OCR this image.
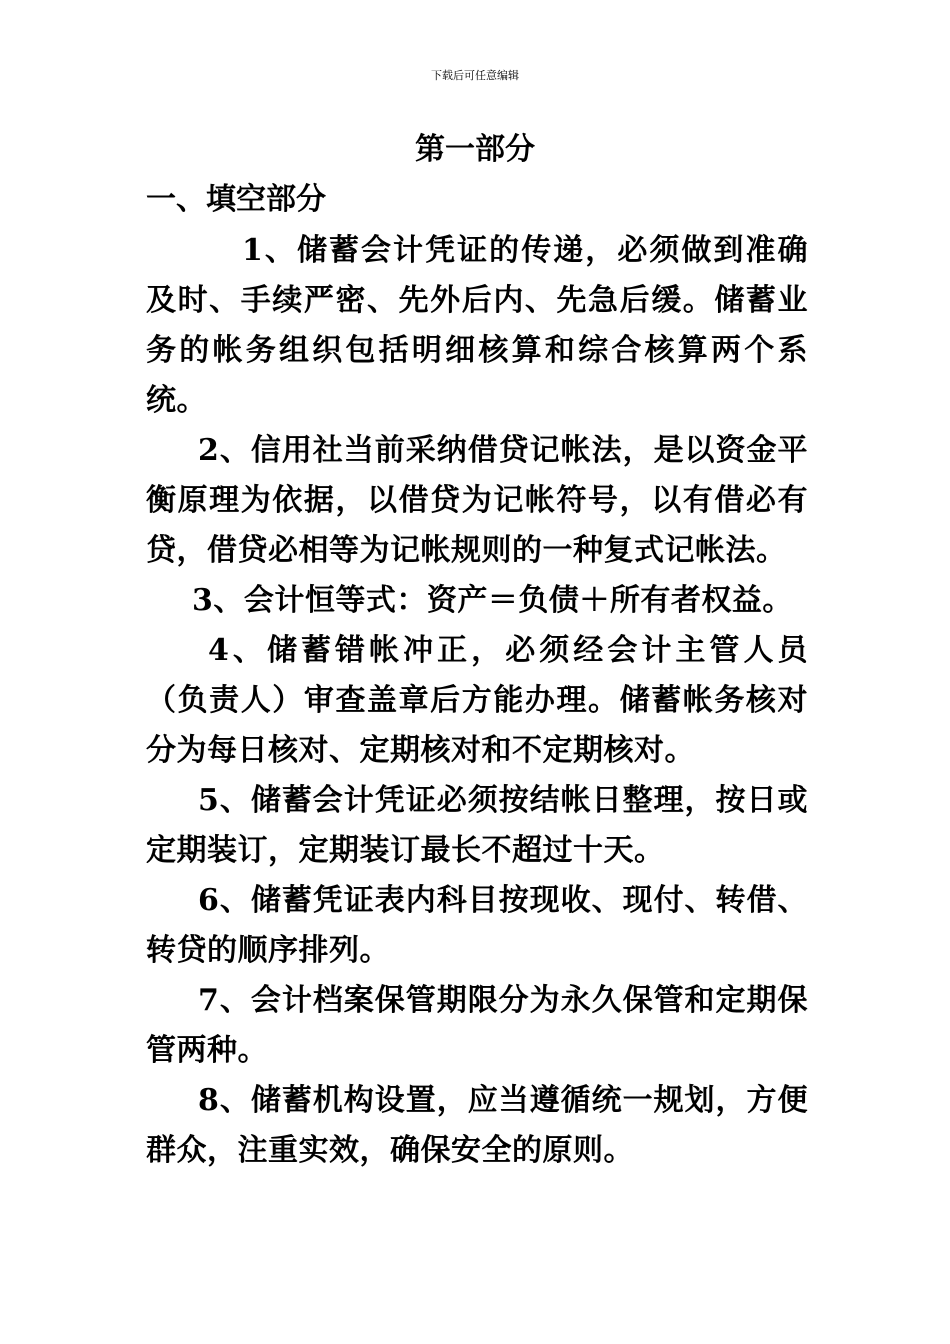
下载后可任意编辑
第一部分
一、填空部分

1、储蓄会计凭证的传递，必须做到准确及时、手续严密、先外后内、先急后缓。储蓄业务的帐务组织包括明细核算和综合核算两个系统。

2、信用社当前采纳借贷记帐法，是以资金平衡原理为依据，以借贷为记帐符号，以有借必有贷，借贷必相等为记帐规则的一种复式记帐法。

3、会计恒等式：资产＝负债＋所有者权益。

4、储蓄错帐冲正，必须经会计主管人员（负责人）审查盖章后方能办理。储蓄帐务核对分为每日核对、定期核对和不定期核对。

5、储蓄会计凭证必须按结帐日整理，按日或定期装订，定期装订最长不超过十天。

6、储蓄凭证表内科目按现收、现付、转借、转贷的顺序排列。

7、会计档案保管期限分为永久保管和定期保管两种。

8、储蓄机构设置，应当遵循统一规划，方便群众，注重实效，确保安全的原则。
